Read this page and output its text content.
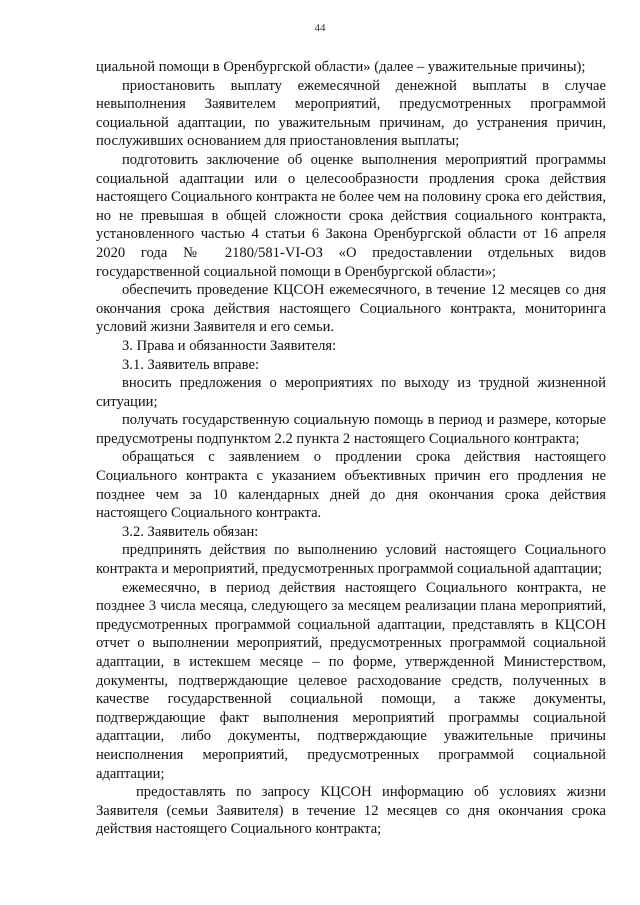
44

циальной помощи в Оренбургской области» (далее – уважительные причины);

приостановить выплату ежемесячной денежной выплаты в случае невыполнения Заявителем мероприятий, предусмотренных программой социальной адаптации, по уважительным причинам, до устранения причин, послуживших основанием для приостановления выплаты;

подготовить заключение об оценке выполнения мероприятий программы социальной адаптации или о целесообразности продления срока действия настоящего Социального контракта не более чем на половину срока его действия, но не превышая в общей сложности срока действия социального контракта, установленного частью 4 статьи 6 Закона Оренбургской области от 16 апреля 2020 года № 2180/581-VI-ОЗ «О предоставлении отдельных видов государственной социальной помощи в Оренбургской области»;

обеспечить проведение КЦСОН ежемесячного, в течение 12 месяцев со дня окончания срока действия настоящего Социального контракта, мониторинга условий жизни Заявителя и его семьи.

3. Права и обязанности Заявителя:

3.1. Заявитель вправе:

вносить предложения о мероприятиях по выходу из трудной жизненной ситуации;

получать государственную социальную помощь в период и размере, которые предусмотрены подпунктом 2.2 пункта 2 настоящего Социального контракта;

обращаться с заявлением о продлении срока действия настоящего Социального контракта с указанием объективных причин его продления не позднее чем за 10 календарных дней до дня окончания срока действия настоящего Социального контракта.

3.2. Заявитель обязан:

предпринять действия по выполнению условий настоящего Социального контракта и мероприятий, предусмотренных программой социальной адаптации;

ежемесячно, в период действия настоящего Социального контракта, не позднее 3 числа месяца, следующего за месяцем реализации плана мероприятий, предусмотренных программой социальной адаптации, представлять в КЦСОН отчет о выполнении мероприятий, предусмотренных программой социальной адаптации, в истекшем месяце – по форме, утвержденной Министерством, документы, подтверждающие целевое расходование средств, полученных в качестве государственной социальной помощи, а также документы, подтверждающие факт выполнения мероприятий программы социальной адаптации, либо документы, подтверждающие уважительные причины неисполнения мероприятий, предусмотренных программой социальной адаптации;

предоставлять по запросу КЦСОН информацию об условиях жизни Заявителя (семьи Заявителя) в течение 12 месяцев со дня окончания срока действия настоящего Социального контракта;
